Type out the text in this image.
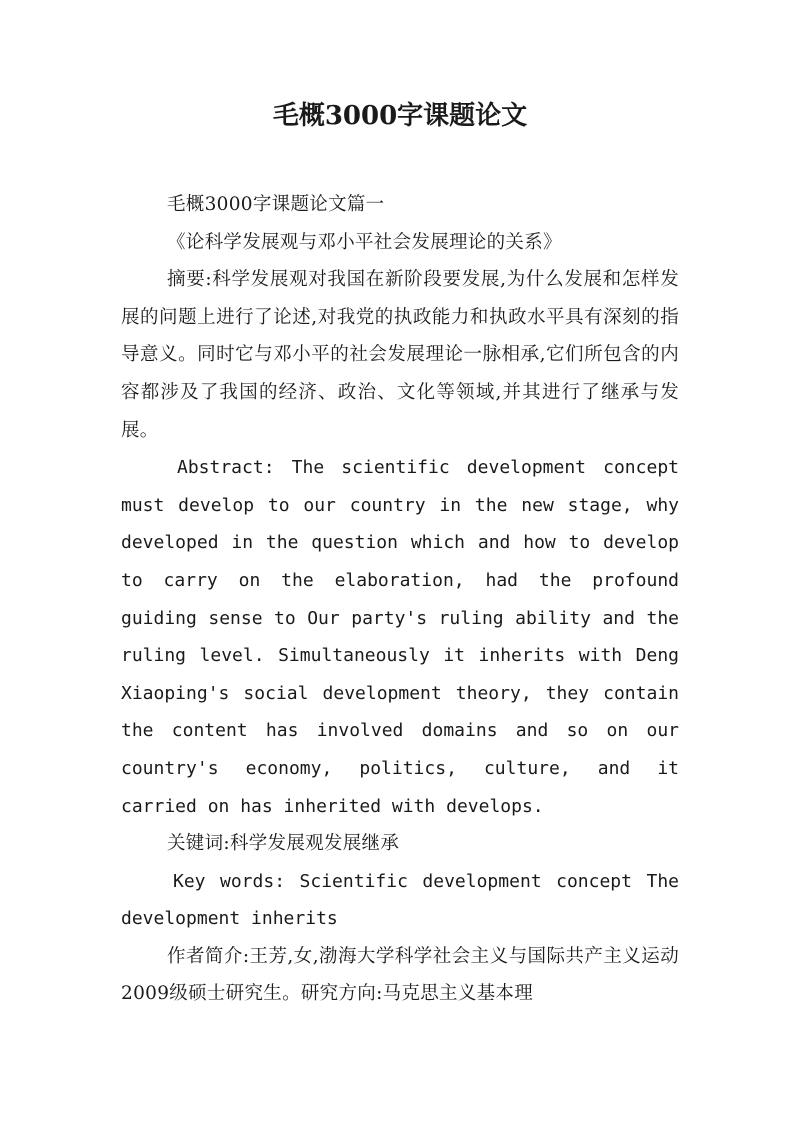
毛概3000字课题论文

毛概3000字课题论文篇一

《论科学发展观与邓小平社会发展理论的关系》

摘要:科学发展观对我国在新阶段要发展,为什么发展和怎样发展的问题上进行了论述,对我党的执政能力和执政水平具有深刻的指导意义。同时它与邓小平的社会发展理论一脉相承,它们所包含的内容都涉及了我国的经济、政治、文化等领域,并其进行了继承与发展。

Abstract: The scientific development concept must develop to our country in the new stage, why developed in the question which and how to develop to carry on the elaboration, had the profound guiding sense to Our party's ruling ability and the ruling level. Simultaneously it inherits with Deng Xiaoping's social development theory, they contain the content has involved domains and so on our country's economy, politics, culture, and it carried on has inherited with develops.

关键词:科学发展观发展继承

Key words: Scientific development concept The development inherits

作者简介:王芳,女,渤海大学科学社会主义与国际共产主义运动2009级硕士研究生。研究方向:马克思主义基本理
